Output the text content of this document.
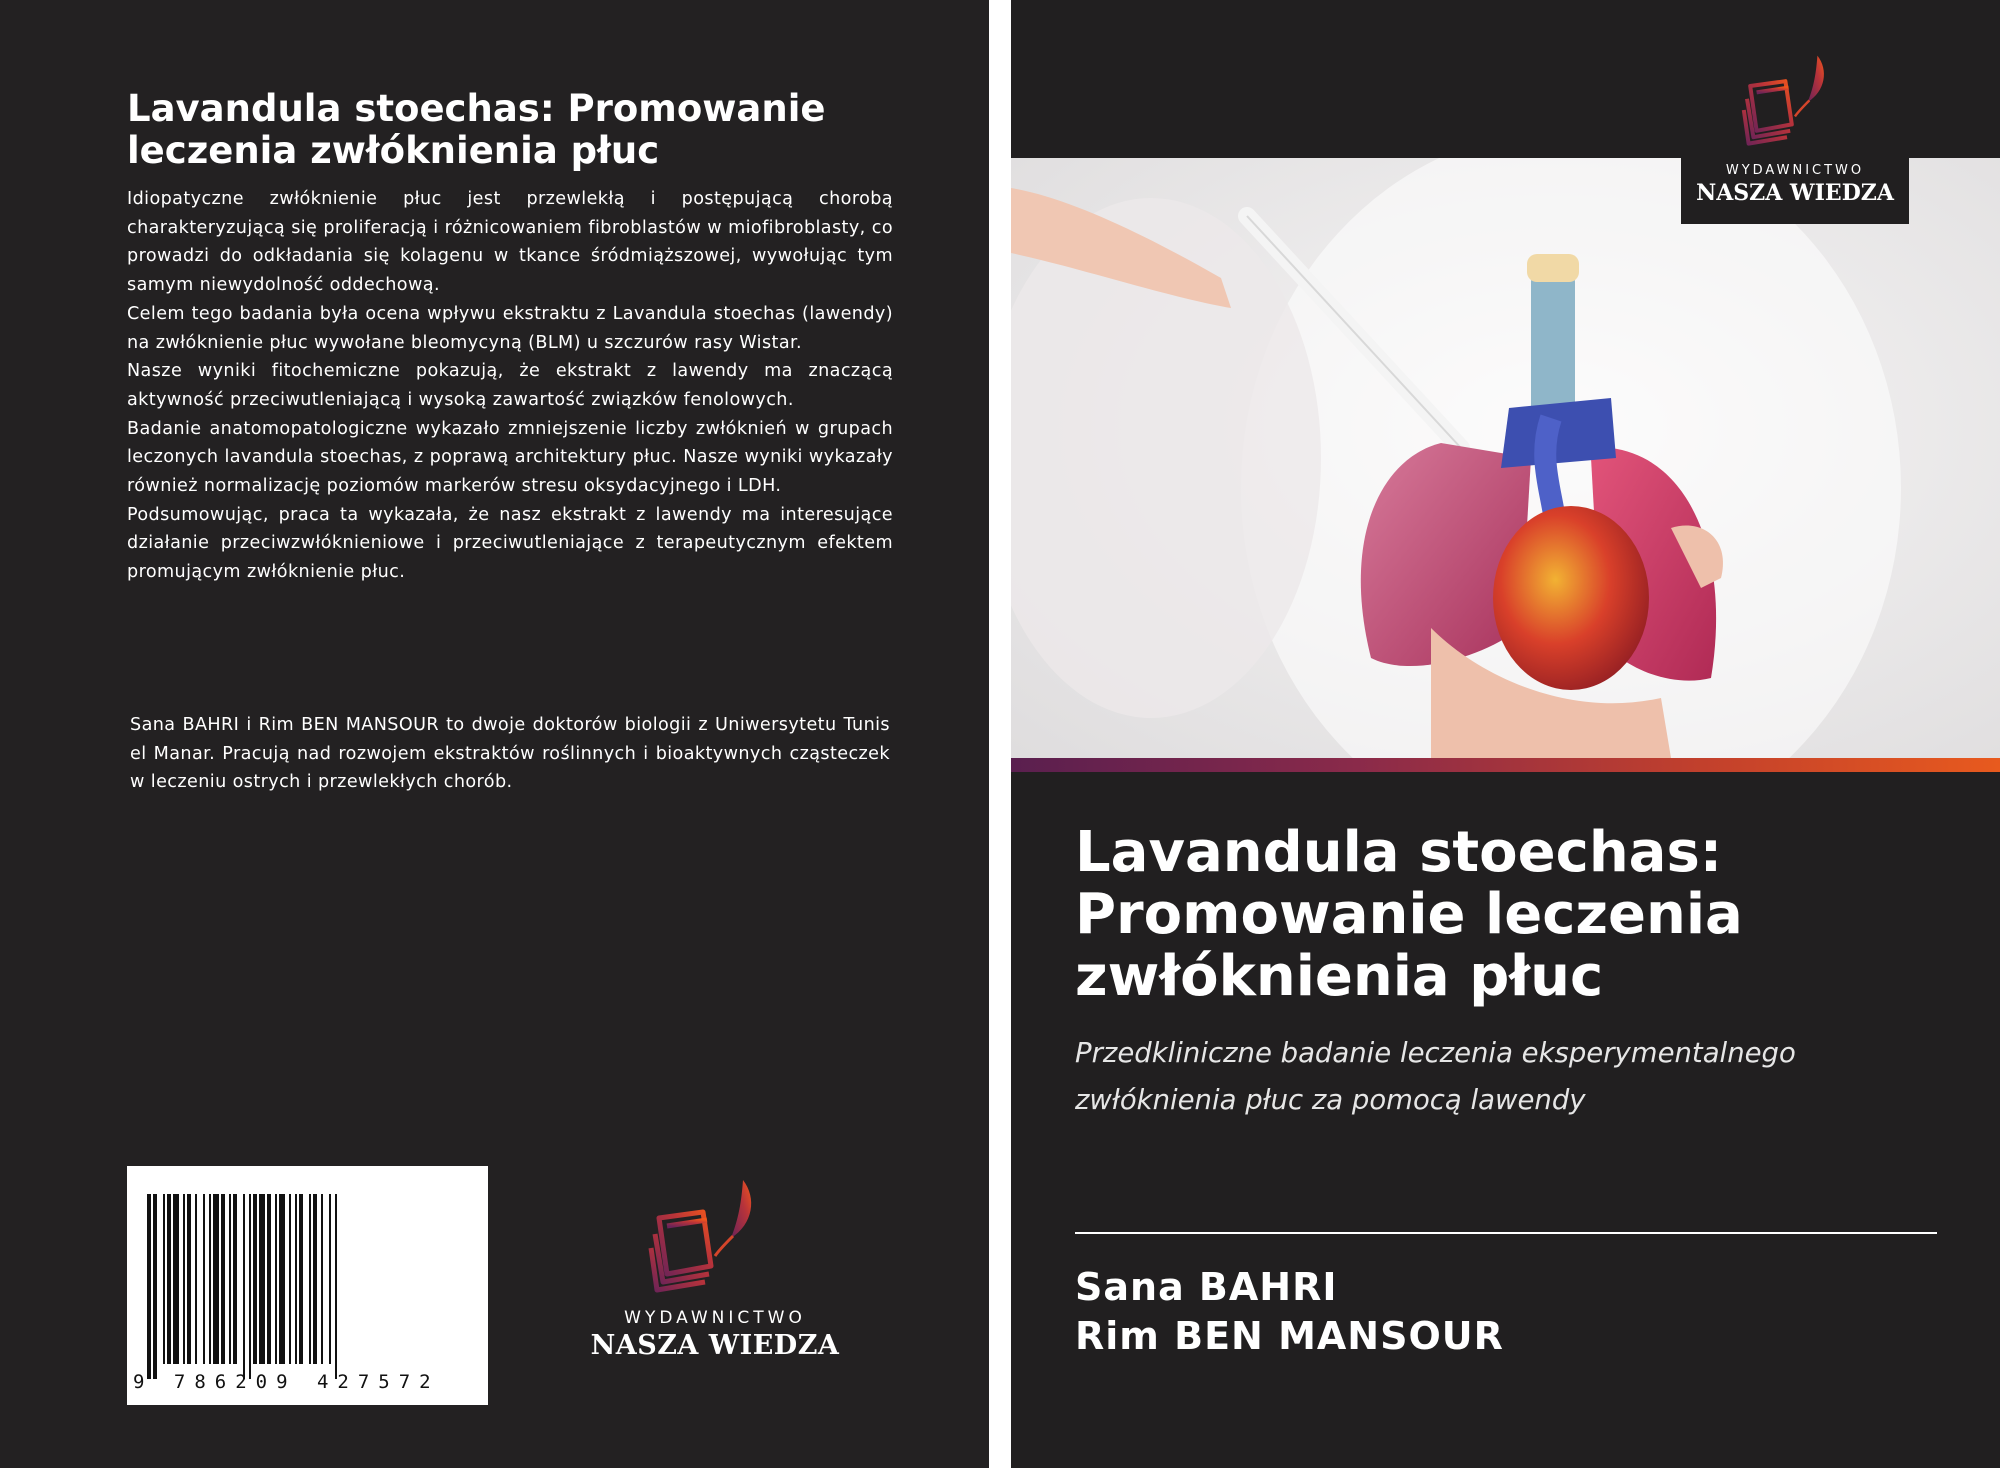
Lavandula stoechas: Promowanie leczenia zwłóknienia płuc

Idiopatyczne zwłóknienie płuc jest przewlekłą i postępującą chorobą charakteryzującą się proliferacją i różnicowaniem fibroblastów w miofibroblasty, co prowadzi do odkładania się kolagenu w tkance śródmiąższowej, wywołując tym samym niewydolność oddechową.

Celem tego badania była ocena wpływu ekstraktu z Lavandula stoechas (lawendy) na zwłóknienie płuc wywołane bleomycyną (BLM) u szczurów rasy Wistar.

Nasze wyniki fitochemiczne pokazują, że ekstrakt z lawendy ma znaczącą aktywność przeciwutleniającą i wysoką zawartość związków fenolowych.

Badanie anatomopatologiczne wykazało zmniejszenie liczby zwłóknień w grupach leczonych lavandula stoechas, z poprawą architektury płuc. Nasze wyniki wykazały również normalizację poziomów markerów stresu oksydacyjnego i LDH.

Podsumowując, praca ta wykazała, że nasz ekstrakt z lawendy ma interesujące działanie przeciwzwłóknieniowe i przeciwutleniające z terapeutycznym efektem promującym zwłóknienie płuc.

Sana BAHRI i Rim BEN MANSOUR to dwoje doktorów biologii z Uniwersytetu Tunis el Manar. Pracują nad rozwojem ekstraktów roślinnych i bioaktywnych cząsteczek w leczeniu ostrych i przewlekłych chorób.

9 786209 427572
WYDAWNICTWO
NASZA WIEDZA
WYDAWNICTWO
NASZA WIEDZA
Lavandula stoechas: Promowanie leczenia zwłóknienia płuc

Przedkliniczne badanie leczenia eksperymentalnego zwłóknienia płuc za pomocą lawendy

Sana BAHRI
Rim BEN MANSOUR
